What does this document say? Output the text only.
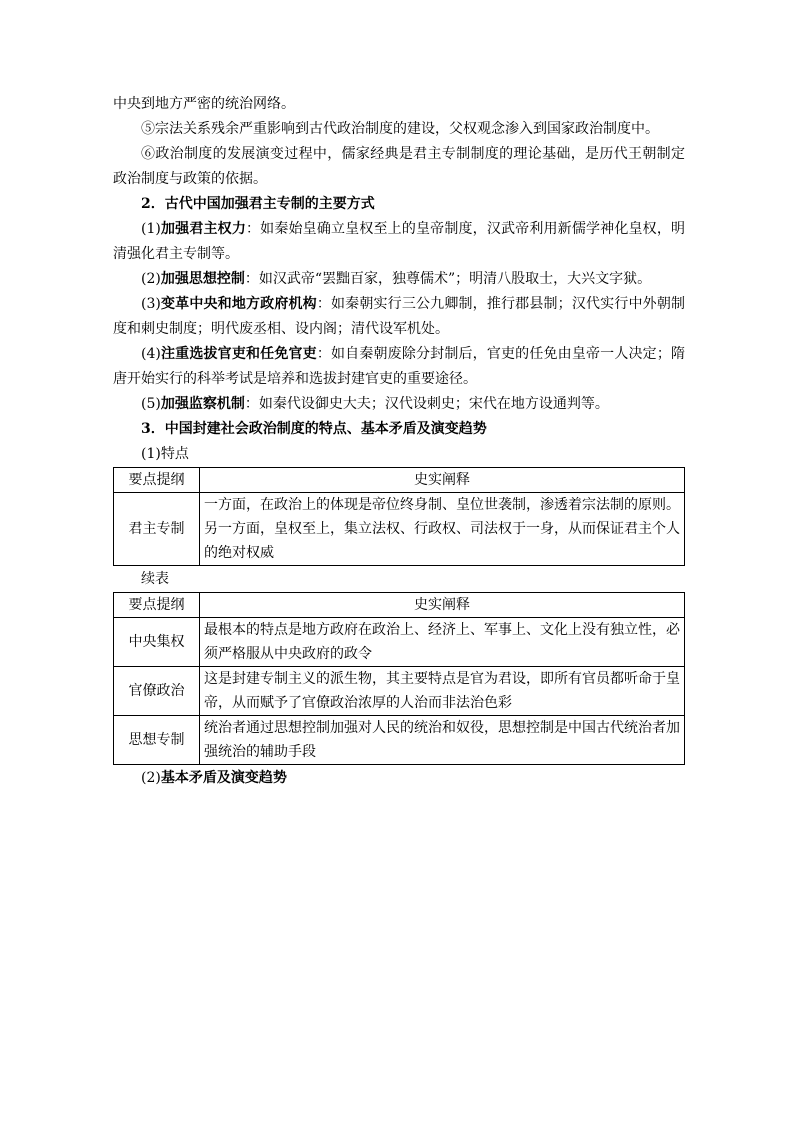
中央到地方严密的统治网络。

⑤宗法关系残余严重影响到古代政治制度的建设，父权观念渗入到国家政治制度中。

⑥政治制度的发展演变过程中，儒家经典是君主专制制度的理论基础，是历代王朝制定政治制度与政策的依据。

2．古代中国加强君主专制的主要方式

(1)加强君主权力：如秦始皇确立皇权至上的皇帝制度，汉武帝利用新儒学神化皇权，明清强化君主专制等。

(2)加强思想控制：如汉武帝“罢黜百家，独尊儒术”；明清八股取士，大兴文字狱。

(3)变革中央和地方政府机构：如秦朝实行三公九卿制，推行郡县制；汉代实行中外朝制度和刺史制度；明代废丞相、设内阁；清代设军机处。

(4)注重选拔官吏和任免官吏：如自秦朝废除分封制后，官吏的任免由皇帝一人决定；隋唐开始实行的科举考试是培养和选拔封建官吏的重要途径。

(5)加强监察机制：如秦代设御史大夫；汉代设刺史；宋代在地方设通判等。

3．中国封建社会政治制度的特点、基本矛盾及演变趋势

(1)特点

要点提纲	史实阐释
君主专制	一方面，在政治上的体现是帝位终身制、皇位世袭制，渗透着宗法制的原则。另一方面，皇权至上，集立法权、行政权、司法权于一身，从而保证君主个人的绝对权威

续表

要点提纲	史实阐释
中央集权	最根本的特点是地方政府在政治上、经济上、军事上、文化上没有独立性，必须严格服从中央政府的政令
官僚政治	这是封建专制主义的派生物，其主要特点是官为君设，即所有官员都听命于皇帝，从而赋予了官僚政治浓厚的人治而非法治色彩
思想专制	统治者通过思想控制加强对人民的统治和奴役，思想控制是中国古代统治者加强统治的辅助手段

(2)基本矛盾及演变趋势
